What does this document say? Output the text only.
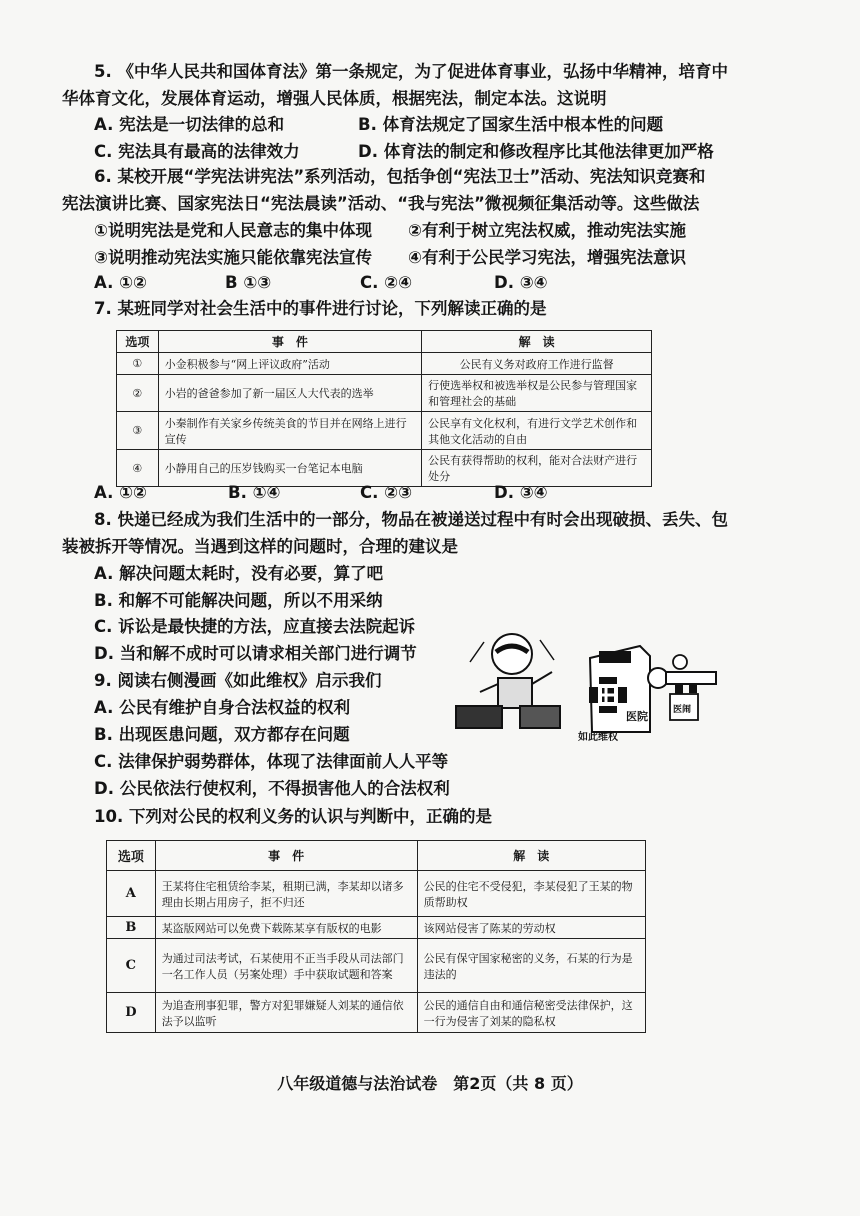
5. 《中华人民共和国体育法》第一条规定，为了促进体育事业，弘扬中华精神，培育中
华体育文化，发展体育运动，增强人民体质，根据宪法，制定本法。这说明
A. 宪法是一切法律的总和	B. 体育法规定了国家生活中根本性的问题
C. 宪法具有最高的法律效力	D. 体育法的制定和修改程序比其他法律更加严格
6. 某校开展“学宪法讲宪法”系列活动，包括争创“宪法卫士”活动、宪法知识竞赛和
宪法演讲比赛、国家宪法日“宪法晨读”活动、“我与宪法”微视频征集活动等。这些做法
①说明宪法是党和人民意志的集中体现 ②有利于树立宪法权威，推动宪法实施
③说明推动宪法实施只能依靠宪法宣传 ④有利于公民学习宪法，增强宪法意识
A. ①②	B ①③	C. ②④	D. ③④
7. 某班同学对社会生活中的事件进行讨论，下列解读正确的是
选项	事　件	解　读
①	小金积极参与“网上评议政府”活动	公民有义务对政府工作进行监督
②	小岩的爸爸参加了新一届区人大代表的选举	行使选举权和被选举权是公民参与管理国家和管理社会的基础
③	小秦制作有关家乡传统美食的节目并在网络上进行宣传	公民享有文化权利，有进行文学艺术创作和其他文化活动的自由
④	小静用自己的压岁钱购买一台笔记本电脑	公民有获得帮助的权利，能对合法财产进行处分
A. ①②	B. ①④	C. ②③	D. ③④
8. 快递已经成为我们生活中的一部分，物品在被递送过程中有时会出现破损、丢失、包
装被拆开等情况。当遇到这样的问题时，合理的建议是
A. 解决问题太耗时，没有必要，算了吧
B. 和解不可能解决问题，所以不用采纳
C. 诉讼是最快捷的方法，应直接去法院起诉
D. 当和解不成时可以请求相关部门进行调节
9. 阅读右侧漫画《如此维权》启示我们
A. 公民有维护自身合法权益的权利
B. 出现医患问题，双方都存在问题
C. 法律保护弱势群体，体现了法律面前人人平等
D. 公民依法行使权利，不得损害他人的合法权利
医院	医闹
如此维权
10. 下列对公民的权利义务的认识与判断中，正确的是
选项	事　件	解　读
A	王某将住宅租赁给李某，租期已满，李某却以诸多理由长期占用房子，拒不归还	公民的住宅不受侵犯，李某侵犯了王某的物质帮助权
B	某盗版网站可以免费下载陈某享有版权的电影	该网站侵害了陈某的劳动权
C	为通过司法考试，石某使用不正当手段从司法部门一名工作人员（另案处理）手中获取试题和答案	公民有保守国家秘密的义务，石某的行为是违法的
D	为追查刑事犯罪，警方对犯罪嫌疑人刘某的通信依法予以监听	公民的通信自由和通信秘密受法律保护，这一行为侵害了刘某的隐私权
八年级道德与法治试卷　第2页（共 8 页）
